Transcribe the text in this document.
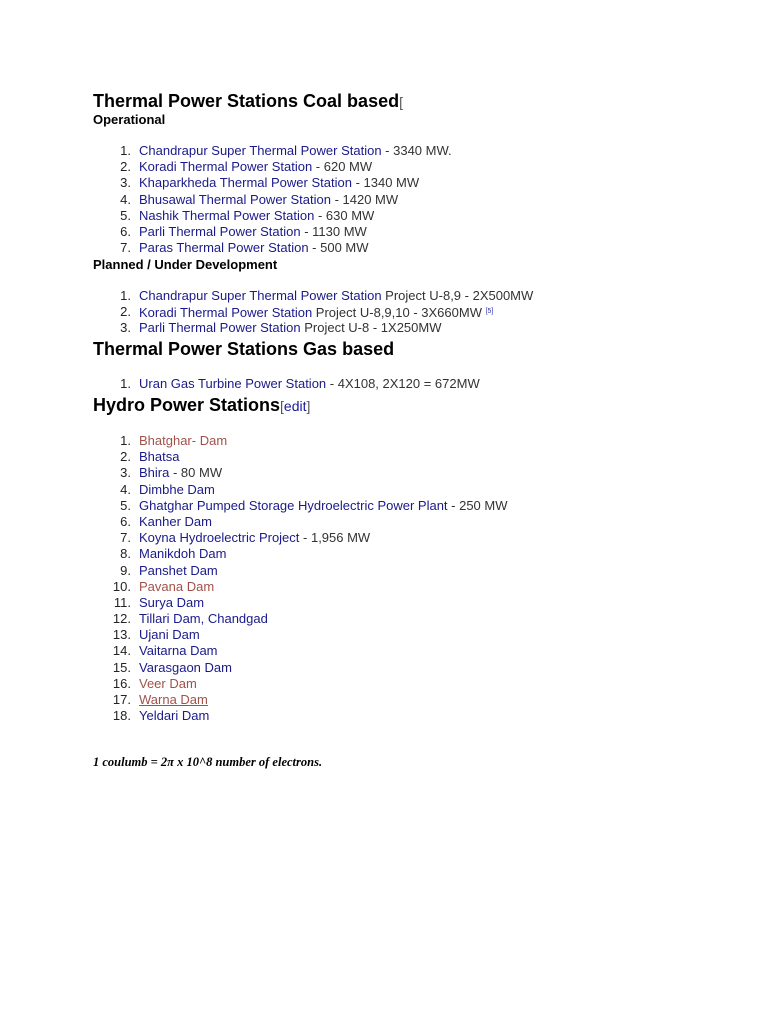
Thermal Power Stations Coal based[
Operational
1. Chandrapur Super Thermal Power Station - 3340 MW.
2. Koradi Thermal Power Station - 620 MW
3. Khaparkheda Thermal Power Station - 1340 MW
4. Bhusawal Thermal Power Station - 1420 MW
5. Nashik Thermal Power Station - 630 MW
6. Parli Thermal Power Station - 1130 MW
7. Paras Thermal Power Station - 500 MW
Planned / Under Development
1. Chandrapur Super Thermal Power Station Project U-8,9 - 2X500MW
2. Koradi Thermal Power Station Project U-8,9,10 - 3X660MW [5]
3. Parli Thermal Power Station Project U-8 - 1X250MW
Thermal Power Stations Gas based
1. Uran Gas Turbine Power Station - 4X108, 2X120 = 672MW
Hydro Power Stations[edit]
1. Bhatghar- Dam
2. Bhatsa
3. Bhira - 80 MW
4. Dimbhe Dam
5. Ghatghar Pumped Storage Hydroelectric Power Plant - 250 MW
6. Kanher Dam
7. Koyna Hydroelectric Project - 1,956 MW
8. Manikdoh Dam
9. Panshet Dam
10. Pavana Dam
11. Surya Dam
12. Tillari Dam, Chandgad
13. Ujani Dam
14. Vaitarna Dam
15. Varasgaon Dam
16. Veer Dam
17. Warna Dam
18. Yeldari Dam
1 coulumb = 2π x 10^8 number of electrons.
